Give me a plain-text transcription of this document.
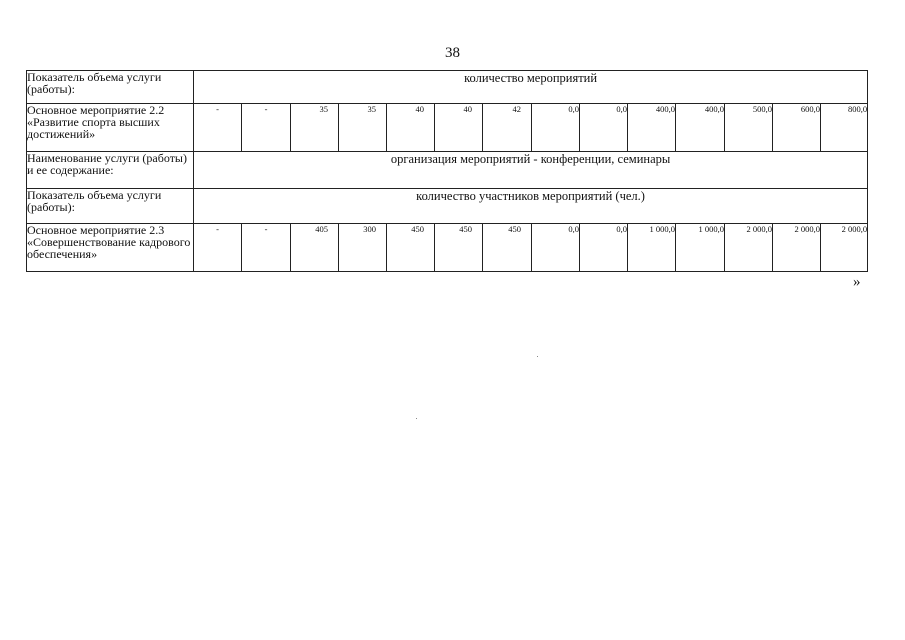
38
Показатель объема услуги (работы):	количество мероприятий													
Основное мероприятие 2.2 «Развитие спорта высших достижений»	-	-	35	35	40	40	42	0,0	0,0	400,0	400,0	500,0	600,0	800,0
Наименование услуги (работы) и ее содержание:	организация мероприятий - конференции, семинары													
Показатель объема услуги (работы):	количество участников мероприятий (чел.)													
Основное мероприятие 2.3 «Совершенствование кадрового обеспечения»	-	-	405	300	450	450	450	0,0	0,0	1 000,0	1 000,0	2 000,0	2 000,0	2 000,0
»
